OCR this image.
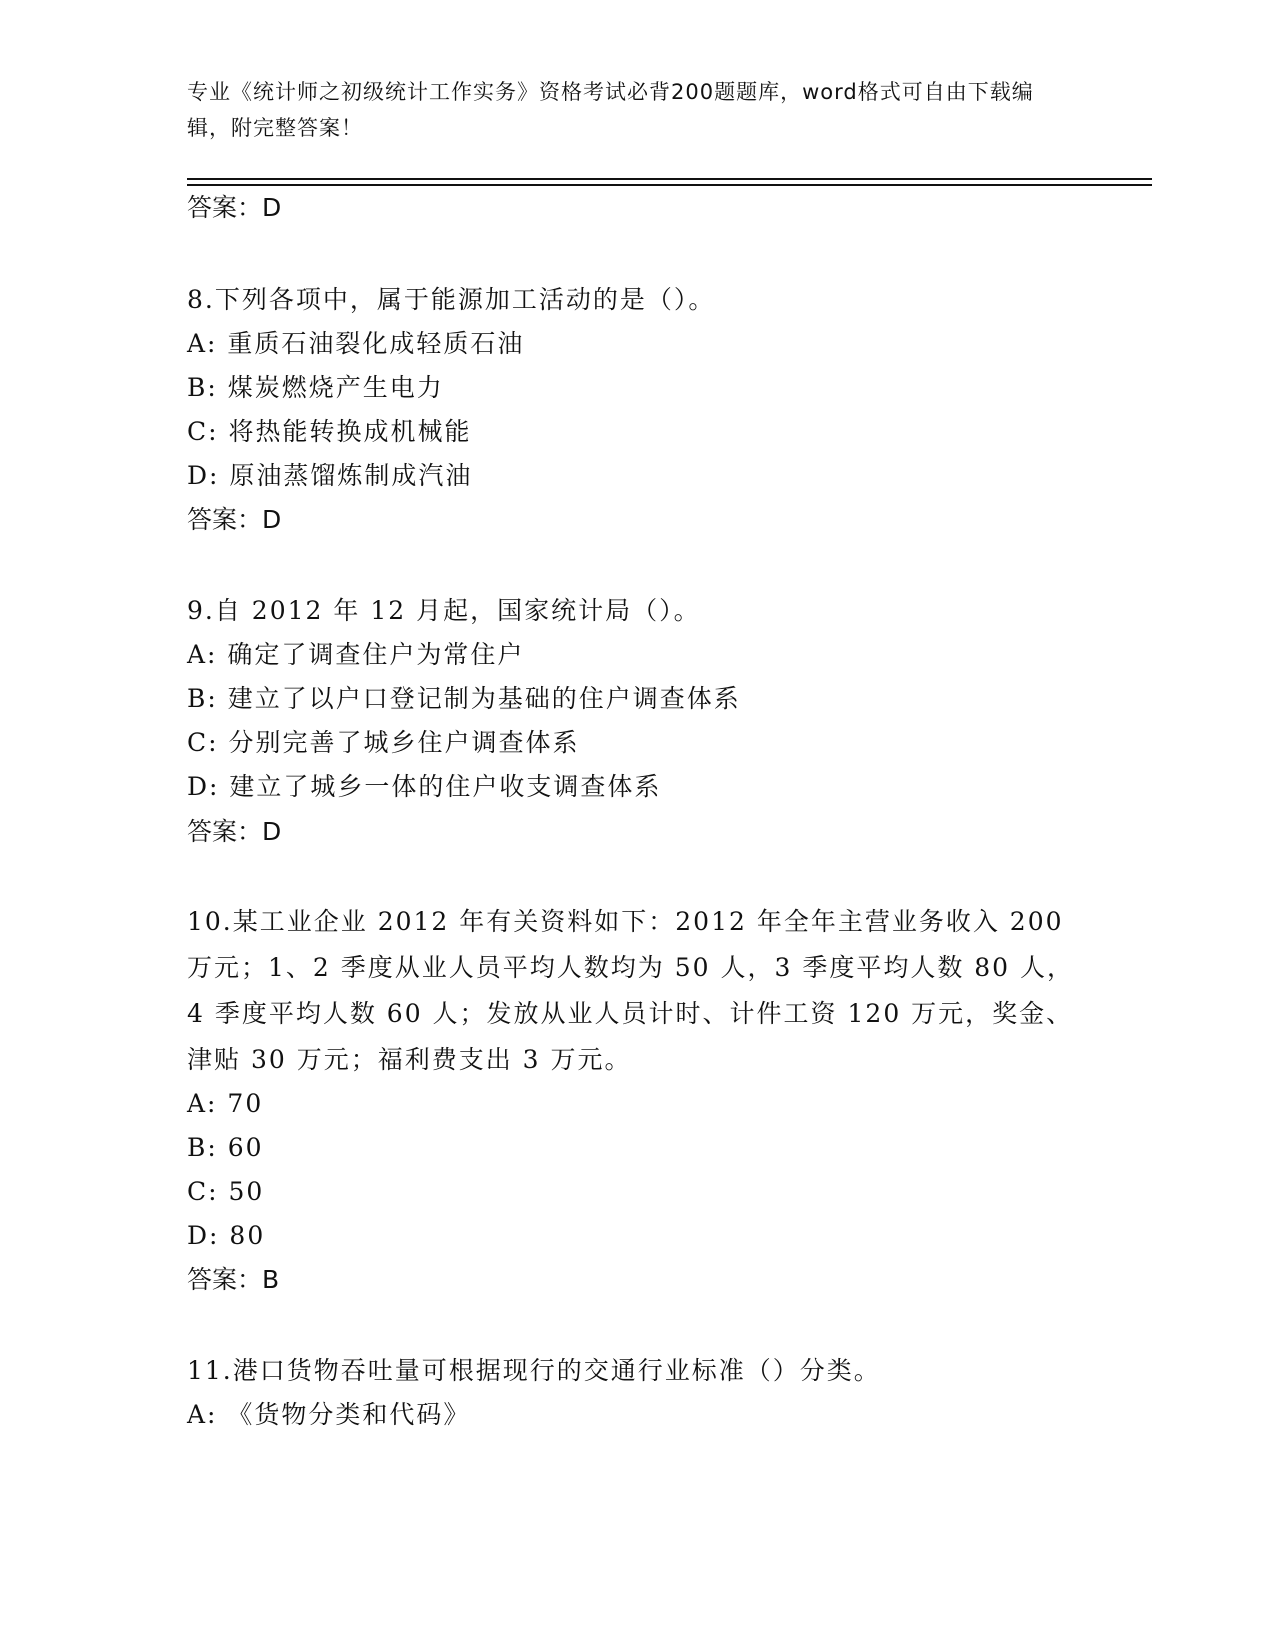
专业《统计师之初级统计工作实务》资格考试必背200题题库，word格式可自由下载编辑，附完整答案！
答案：D
8.下列各项中，属于能源加工活动的是（）。
A: 重质石油裂化成轻质石油
B: 煤炭燃烧产生电力
C: 将热能转换成机械能
D: 原油蒸馏炼制成汽油
答案：D
9.自 2012 年 12 月起，国家统计局（）。
A: 确定了调查住户为常住户
B: 建立了以户口登记制为基础的住户调查体系
C: 分别完善了城乡住户调查体系
D: 建立了城乡一体的住户收支调查体系
答案：D
10.某工业企业 2012 年有关资料如下：2012 年全年主营业务收入 200 万元；1、2 季度从业人员平均人数均为 50 人，3 季度平均人数 80 人，4 季度平均人数 60 人；发放从业人员计时、计件工资 120 万元，奖金、津贴 30 万元；福利费支出 3 万元。
A: 70
B: 60
C: 50
D: 80
答案：B
11.港口货物吞吐量可根据现行的交通行业标准（）分类。
A: 《货物分类和代码》
